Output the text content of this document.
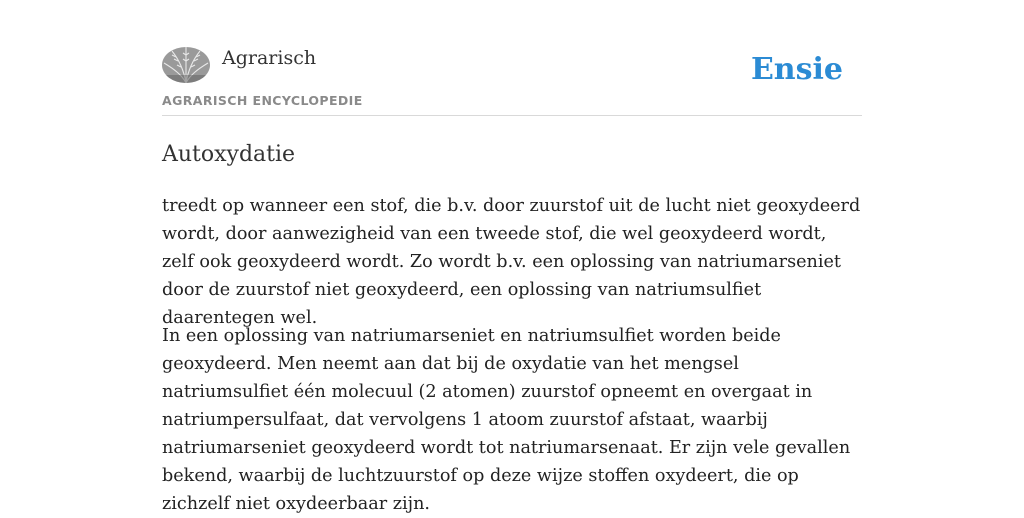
Agrarisch
AGRARISCH ENCYCLOPEDIE
Ensie
Autoxydatie

treedt op wanneer een stof, die b.v. door zuurstof uit de lucht niet geoxydeerd wordt, door aanwezigheid van een tweede stof, die wel geoxydeerd wordt, zelf ook geoxydeerd wordt. Zo wordt b.v. een oplossing van natriumarseniet door de zuurstof niet geoxydeerd, een oplossing van natriumsulfiet daarentegen wel.

In een oplossing van natriumarseniet en natriumsulfiet worden beide geoxydeerd. Men neemt aan dat bij de oxydatie van het mengsel natriumsulfiet één molecuul (2 atomen) zuurstof opneemt en overgaat in natriumpersulfaat, dat vervolgens 1 atoom zuurstof afstaat, waarbij natriumarseniet geoxydeerd wordt tot natriumarsenaat. Er zijn vele gevallen bekend, waarbij de luchtzuurstof op deze wijze stoffen oxydeert, die op zichzelf niet oxydeerbaar zijn.
